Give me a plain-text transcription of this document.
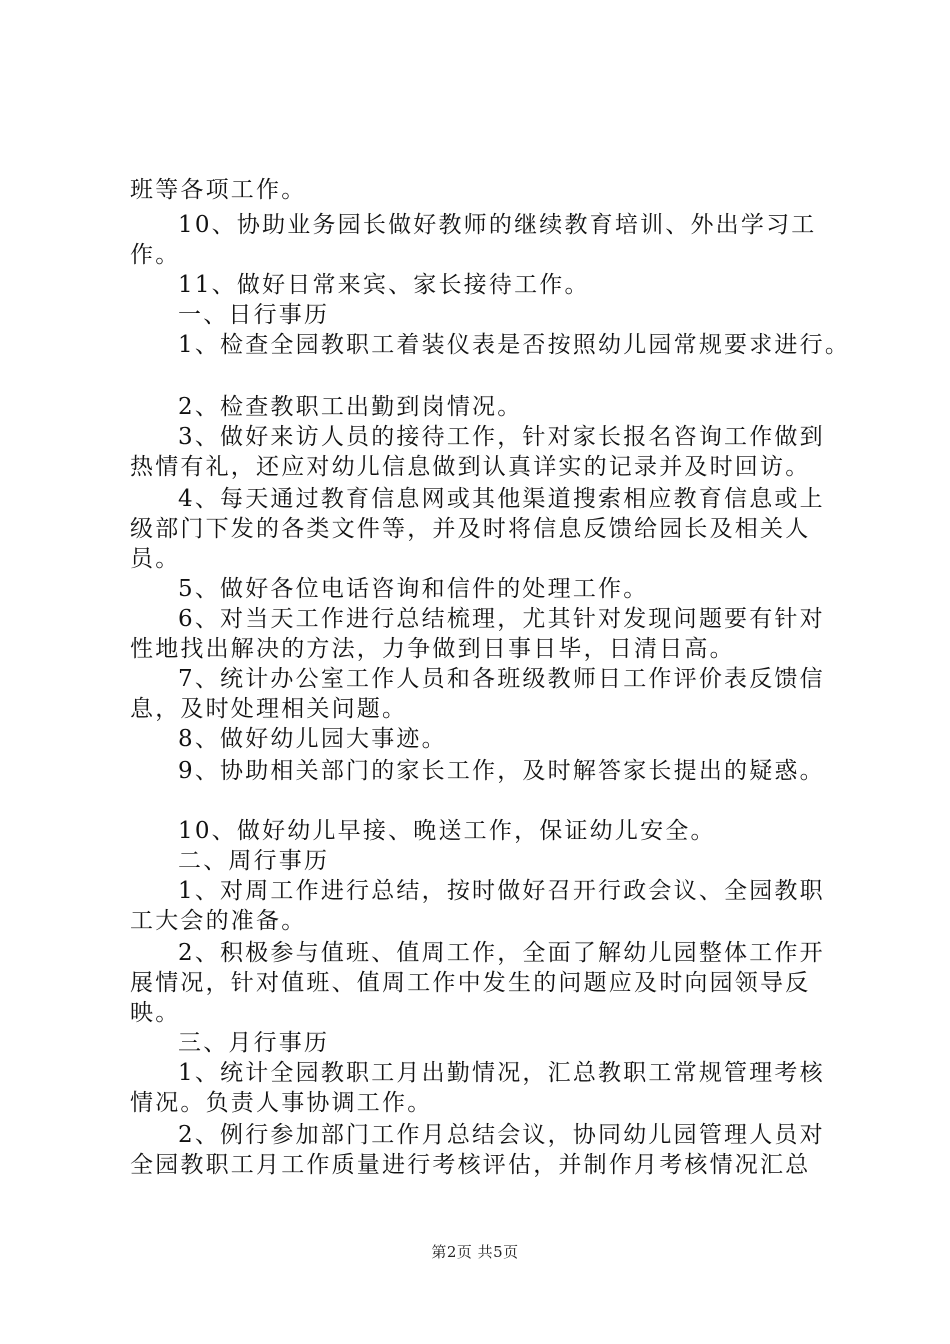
班等各项工作。
10、协助业务园长做好教师的继续教育培训、外出学习工
作。
11、做好日常来宾、家长接待工作。
一、日行事历
1、检查全园教职工着装仪表是否按照幼儿园常规要求进行。
2、检查教职工出勤到岗情况。
3、做好来访人员的接待工作，针对家长报名咨询工作做到
热情有礼，还应对幼儿信息做到认真详实的记录并及时回访。
4、每天通过教育信息网或其他渠道搜索相应教育信息或上
级部门下发的各类文件等，并及时将信息反馈给园长及相关人
员。
5、做好各位电话咨询和信件的处理工作。
6、对当天工作进行总结梳理，尤其针对发现问题要有针对
性地找出解决的方法，力争做到日事日毕，日清日高。
7、统计办公室工作人员和各班级教师日工作评价表反馈信
息，及时处理相关问题。
8、做好幼儿园大事迹。
9、协助相关部门的家长工作，及时解答家长提出的疑惑。
10、做好幼儿早接、晚送工作，保证幼儿安全。
二、周行事历
1、对周工作进行总结，按时做好召开行政会议、全园教职
工大会的准备。
2、积极参与值班、值周工作，全面了解幼儿园整体工作开
展情况，针对值班、值周工作中发生的问题应及时向园领导反
映。
三、月行事历
1、统计全园教职工月出勤情况，汇总教职工常规管理考核
情况。负责人事协调工作。
2、例行参加部门工作月总结会议，协同幼儿园管理人员对
全园教职工月工作质量进行考核评估，并制作月考核情况汇总
第2页 共5页
